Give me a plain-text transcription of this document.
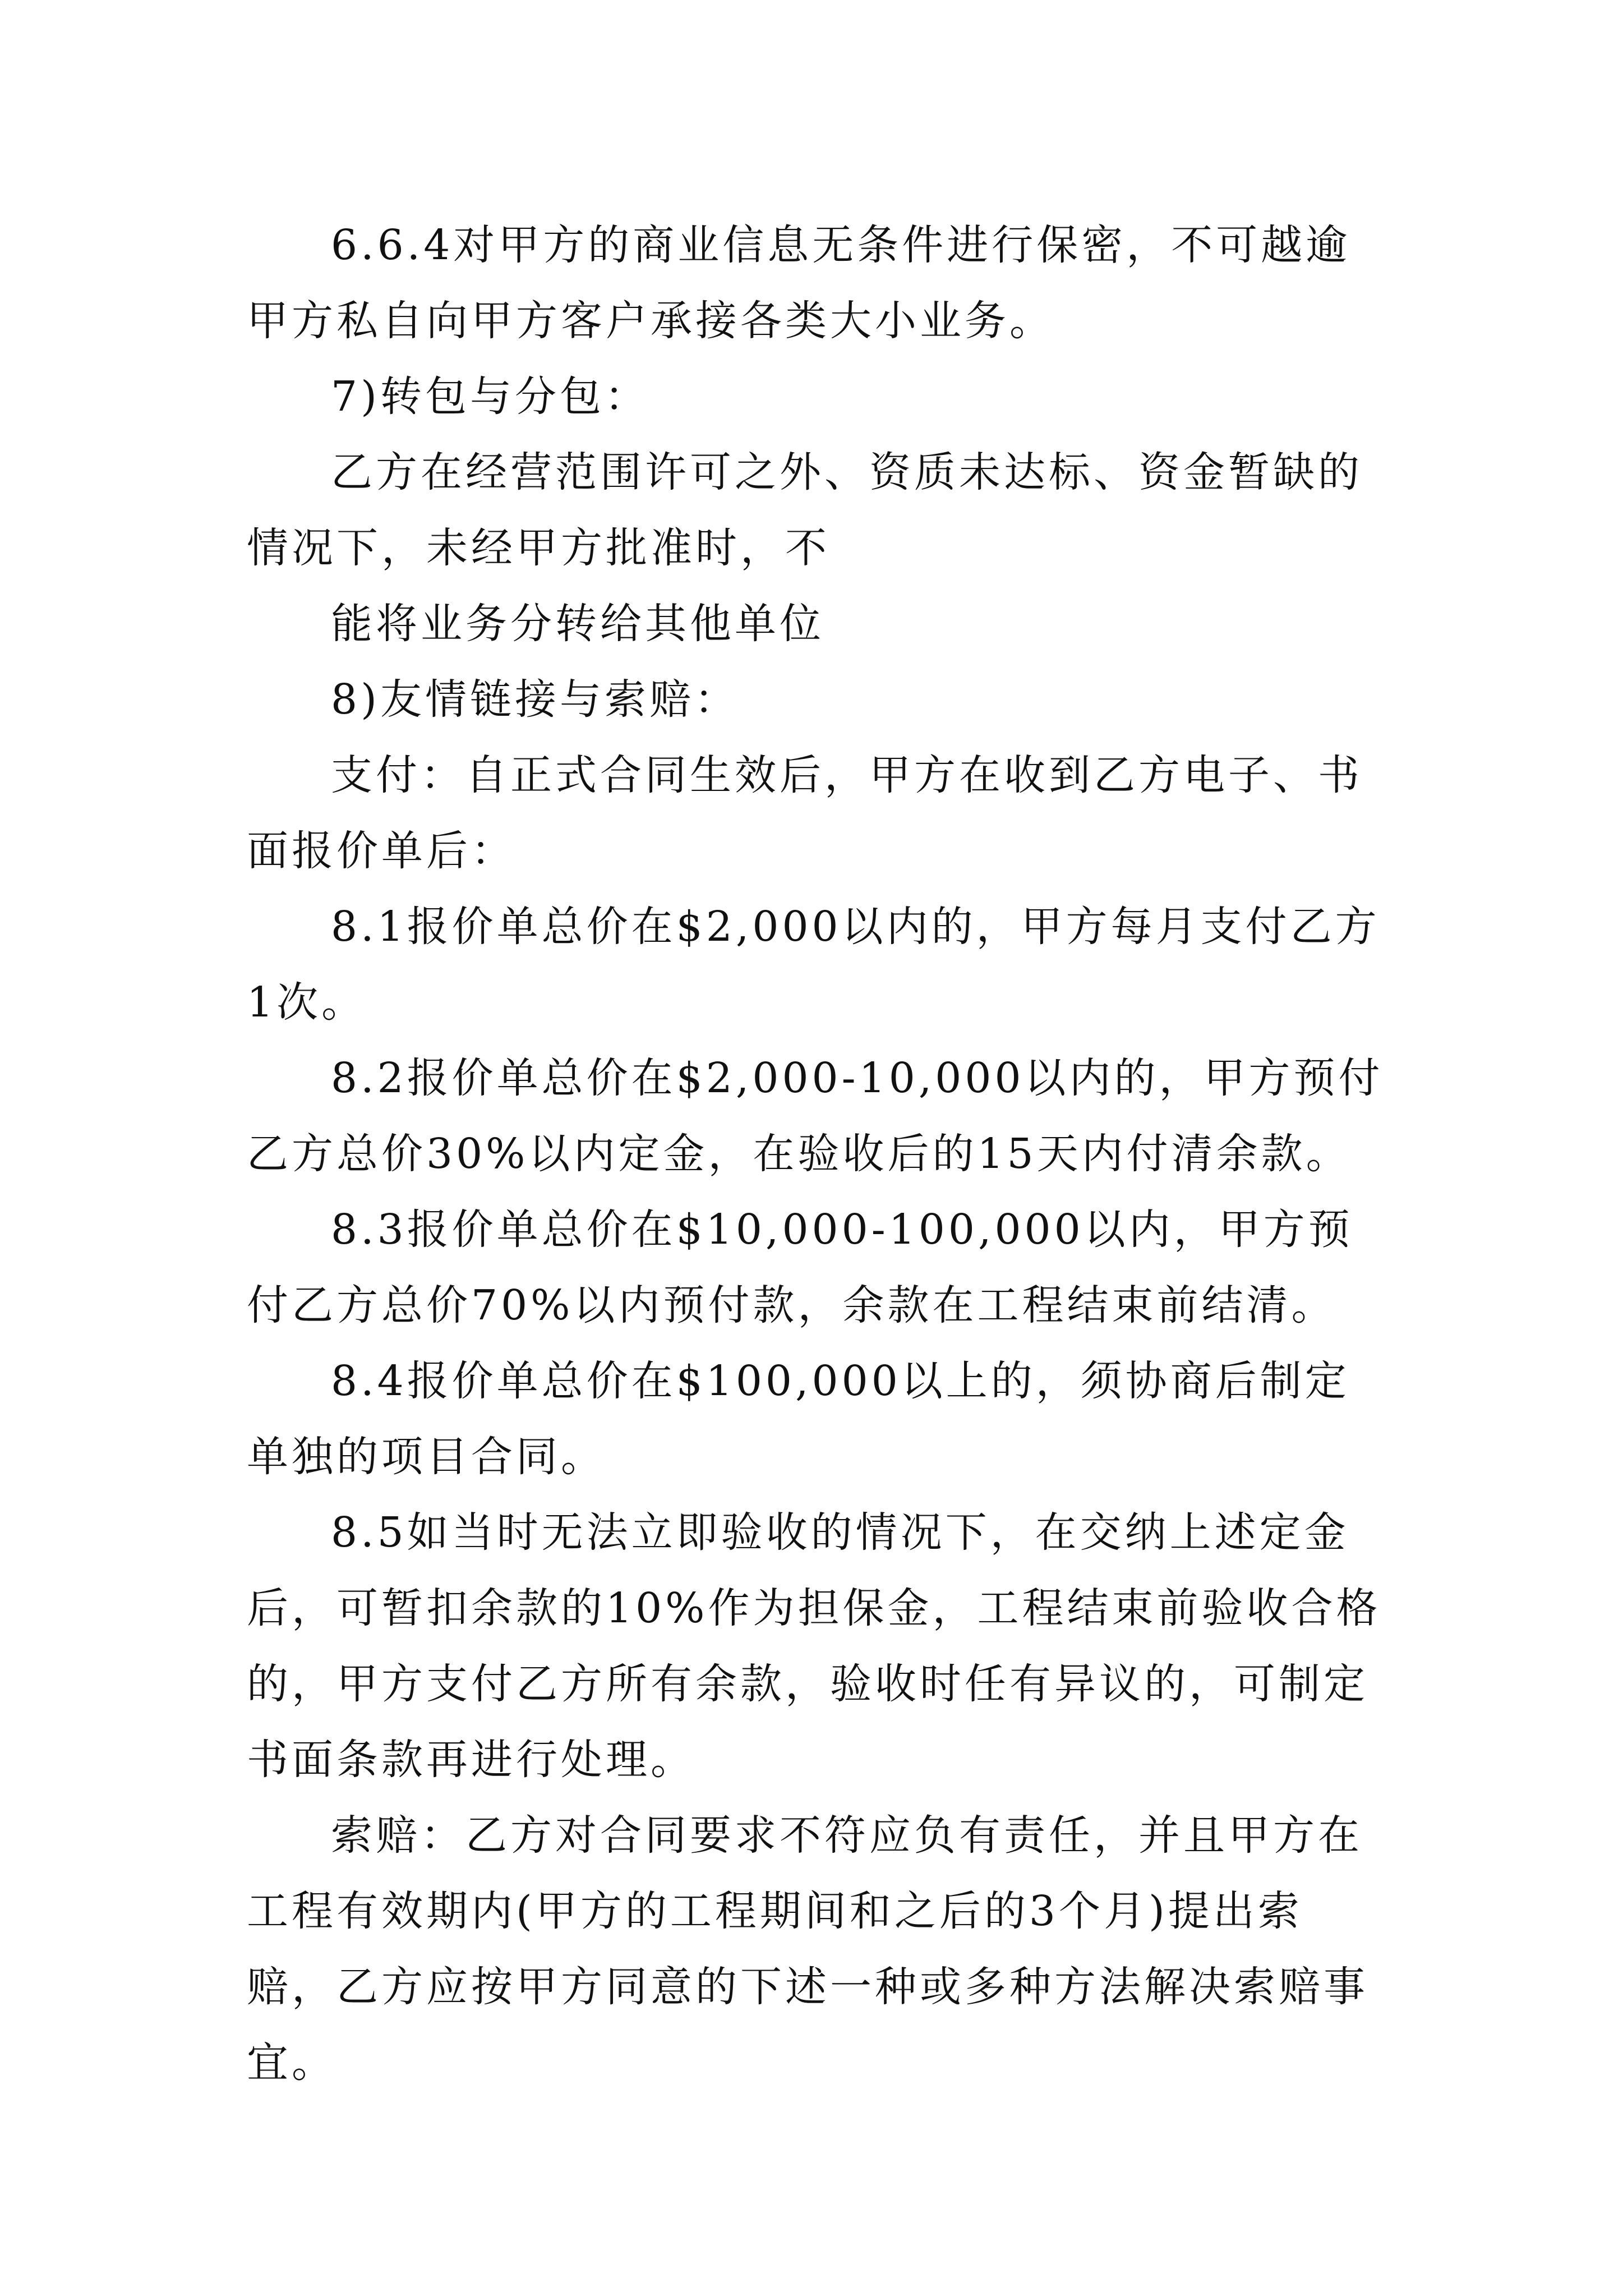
6.6.4对甲方的商业信息无条件进行保密，不可越逾甲方私自向甲方客户承接各类大小业务。

7)转包与分包：

乙方在经营范围许可之外、资质未达标、资金暂缺的情况下，未经甲方批准时，不

能将业务分转给其他单位

8)友情链接与索赔：

支付：自正式合同生效后，甲方在收到乙方电子、书面报价单后：

8.1报价单总价在$2,000以内的，甲方每月支付乙方1次。

8.2报价单总价在$2,000-10,000以内的，甲方预付乙方总价30%以内定金，在验收后的15天内付清余款。

8.3报价单总价在$10,000-100,000以内，甲方预付乙方总价70%以内预付款，余款在工程结束前结清。

8.4报价单总价在$100,000以上的，须协商后制定单独的项目合同。

8.5如当时无法立即验收的情况下，在交纳上述定金后，可暂扣余款的10%作为担保金，工程结束前验收合格的，甲方支付乙方所有余款，验收时任有异议的，可制定书面条款再进行处理。

索赔：乙方对合同要求不符应负有责任，并且甲方在工程有效期内(甲方的工程期间和之后的3个月)提出索赔，乙方应按甲方同意的下述一种或多种方法解决索赔事宜。
